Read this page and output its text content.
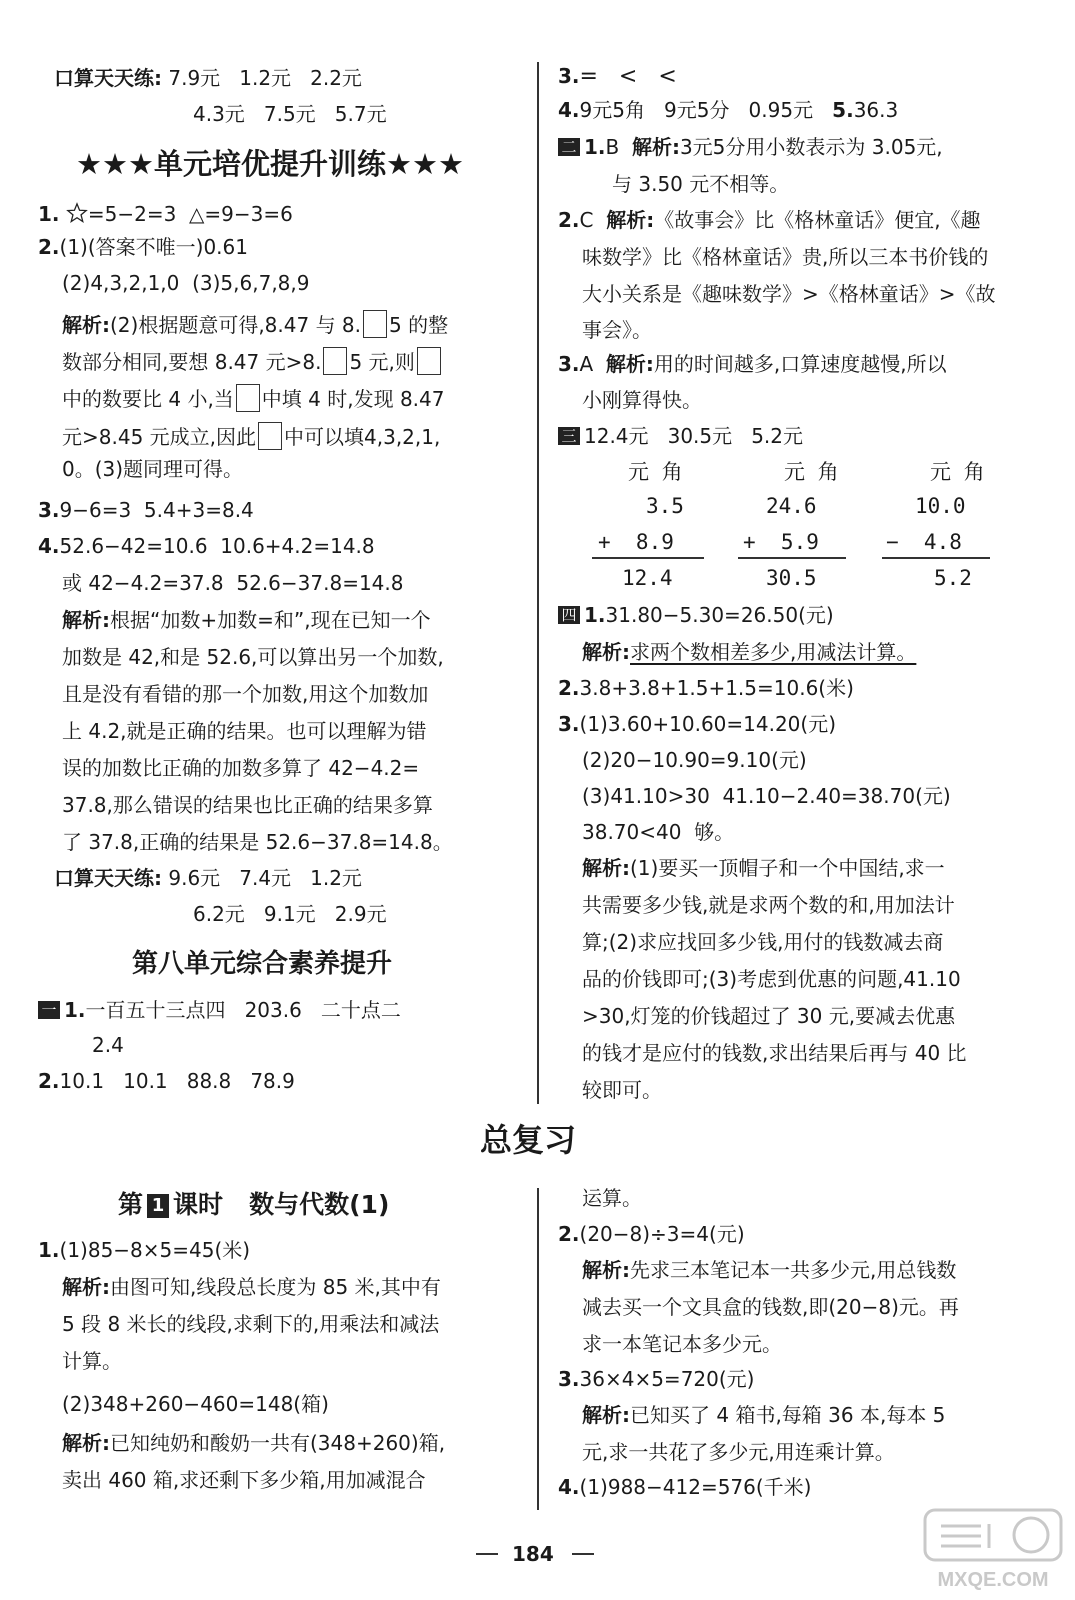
口算天天练: 7.9元   1.2元   2.2元
4.3元   7.5元   5.7元
★★★单元培优提升训练★★★
1. =5−2=3  △=9−3=6
2.(1)(答案不唯一)0.61
(2)4,3,2,1,0  (3)5,6,7,8,9
解析:(2)根据题意可得,8.47 与 8. 5 的整
数部分相同,要想 8.47 元>8. 5 元,则
中的数要比 4 小,当 中填 4 时,发现 8.47
元>8.45 元成立,因此 中可以填4,3,2,1,
0。(3)题同理可得。
3.9−6=3  5.4+3=8.4
4.52.6−42=10.6  10.6+4.2=14.8
或 42−4.2=37.8  52.6−37.8=14.8
解析:根据“加数+加数=和”,现在已知一个
加数是 42,和是 52.6,可以算出另一个加数,
且是没有看错的那一个加数,用这个加数加
上 4.2,就是正确的结果。也可以理解为错
误的加数比正确的加数多算了 42−4.2=
37.8,那么错误的结果也比正确的结果多算
了 37.8,正确的结果是 52.6−37.8=14.8。
口算天天练: 9.6元   7.4元   1.2元
6.2元   9.1元   2.9元
第八单元综合素养提升
一 1.一百五十三点四   203.6   二十点二
2.4
2.10.1   10.1   88.8   78.9
3.=   <   <
4.9元5角   9元5分   0.95元   5.36.3
二 1.B  解析:3元5分用小数表示为 3.05元,
与 3.50 元不相等。
2.C  解析:《故事会》比《格林童话》便宜,《趣
味数学》比《格林童话》贵,所以三本书价钱的
大小关系是《趣味数学》>《格林童话》>《故
事会》。
3.A  解析:用的时间越多,口算速度越慢,所以
小刚算得快。
三 12.4元   30.5元   5.2元
元 角	元 角	元 角
3.5	24.6	10.0
+  8.9	+  5.9	−  4.8
12.4	30.5	5.2
四 1.31.80−5.30=26.50(元)
解析:求两个数相差多少,用减法计算。
2.3.8+3.8+1.5+1.5=10.6(米)
3.(1)3.60+10.60=14.20(元)
(2)20−10.90=9.10(元)
(3)41.10>30  41.10−2.40=38.70(元)
38.70<40  够。
解析:(1)要买一顶帽子和一个中国结,求一
共需要多少钱,就是求两个数的和,用加法计
算;(2)求应找回多少钱,用付的钱数减去商
品的价钱即可;(3)考虑到优惠的问题,41.10
>30,灯笼的价钱超过了 30 元,要减去优惠
的钱才是应付的钱数,求出结果后再与 40 比
较即可。
总复习
第 1 课时   数与代数(1)
1.(1)85−8×5=45(米)
解析:由图可知,线段总长度为 85 米,其中有
5 段 8 米长的线段,求剩下的,用乘法和减法
计算。
(2)348+260−460=148(箱)
解析:已知纯奶和酸奶一共有(348+260)箱,
卖出 460 箱,求还剩下多少箱,用加减混合
运算。
2.(20−8)÷3=4(元)
解析:先求三本笔记本一共多少元,用总钱数
减去买一个文具盒的钱数,即(20−8)元。再
求一本笔记本多少元。
3.36×4×5=720(元)
解析:已知买了 4 箱书,每箱 36 本,每本 5
元,求一共花了多少元,用连乘计算。
4.(1)988−412=576(千米)
184
MXQE.COM
